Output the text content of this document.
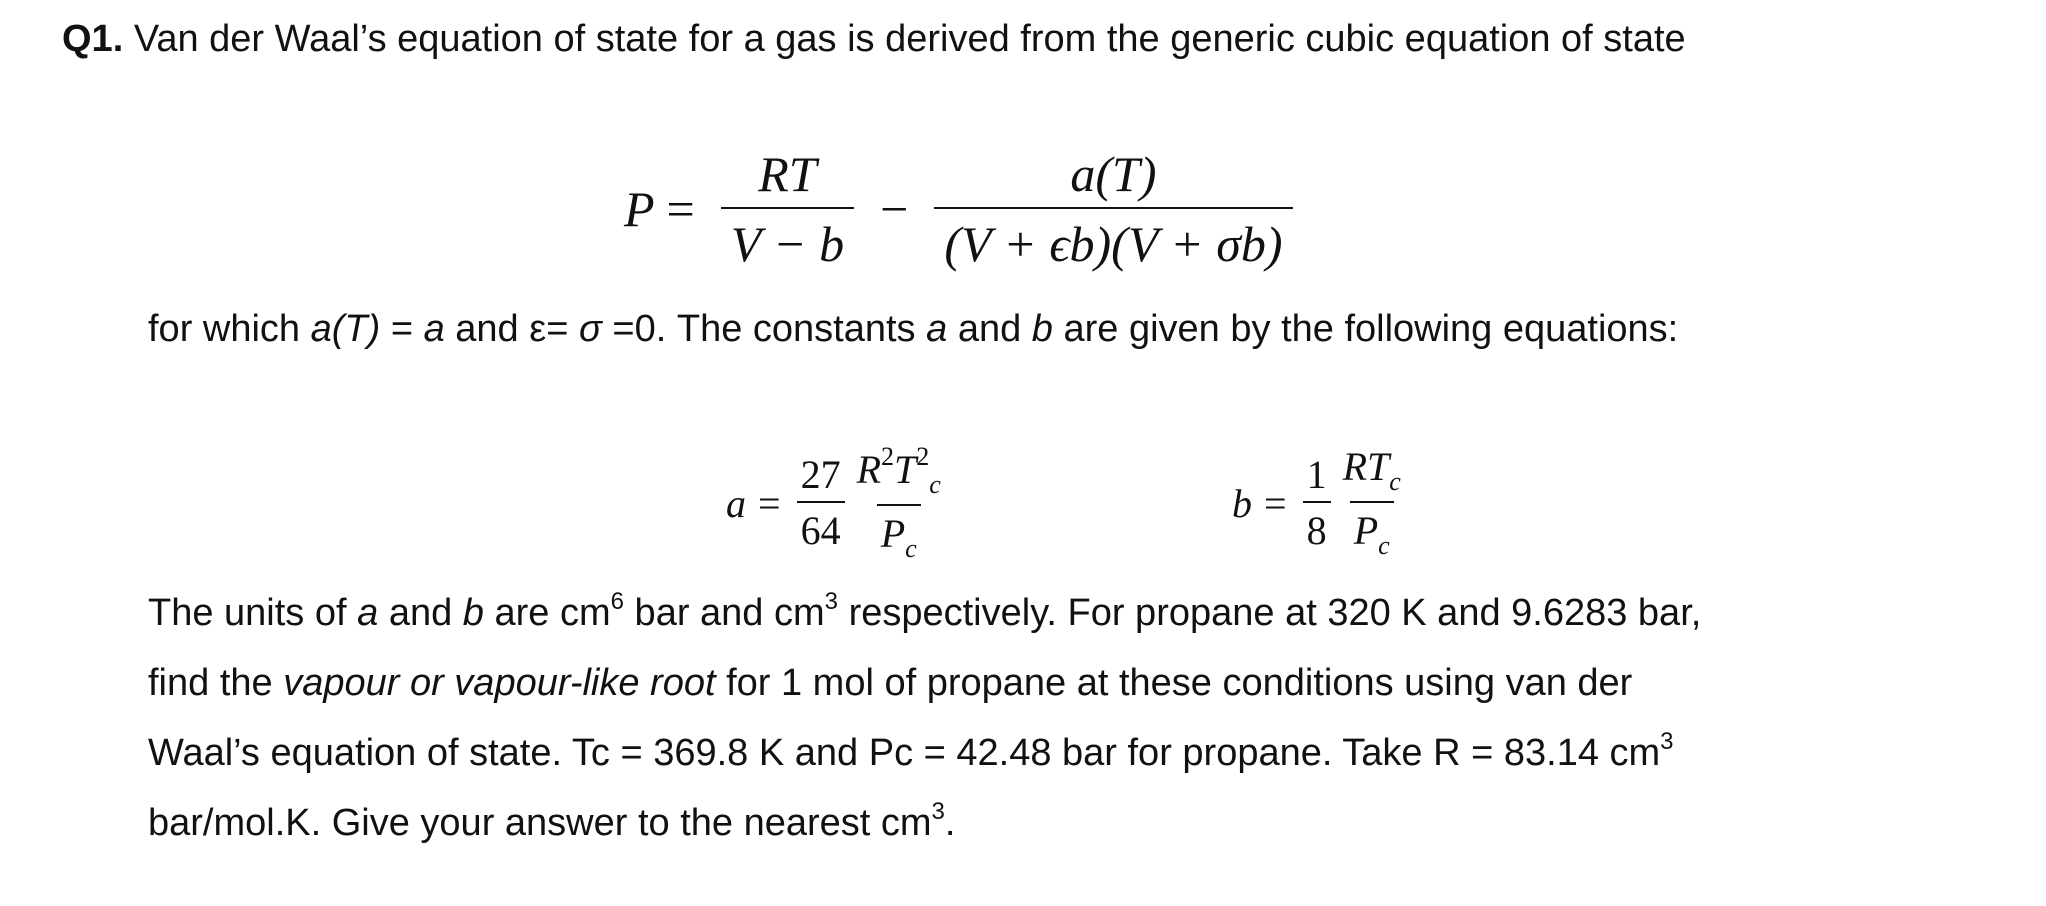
Q1. Van der Waal’s equation of state for a gas is derived from the generic cubic equation of state
$P = \frac{RT}{V - b} - \frac{a(T)}{(V + \epsilon b)(V + \sigma b)}$
for which a(T) = a and ε= σ =0. The constants a and b are given by the following equations:
$a = \frac{27}{64} \frac{R^2T^2_c}{P_c}$	$b = \frac{1}{8} \frac{RT_c}{P_c}$
The units of a and b are $cm^6$ bar and $cm^3$ respectively. For propane at 320 K and 9.6283 bar,
find the vapour or vapour-like root for 1 mol of propane at these conditions using van der
Waal’s equation of state. Tc = 369.8 K and Pc = 42.48 bar for propane. Take R = 83.14 $cm^3$
bar/mol.K. Give your answer to the nearest $cm^3$.
